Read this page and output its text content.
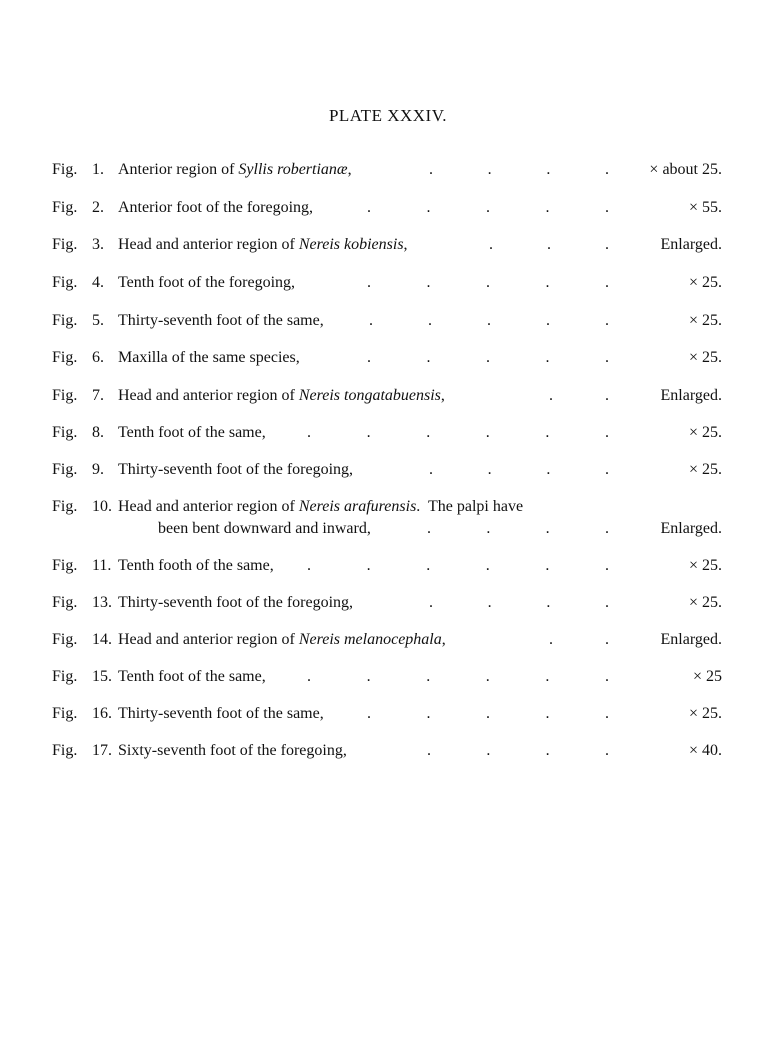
PLATE XXXIV.
Fig. 1. Anterior region of Syllis robertianæ,	.	.	.	.	× about 25.
Fig. 2. Anterior foot of the foregoing,	.	.	.	.	.	× 55.
Fig. 3. Head and anterior region of Nereis kobiensis,	.	.	.	Enlarged.
Fig. 4. Tenth foot of the foregoing,	.	.	.	.	.	× 25.
Fig. 5. Thirty-seventh foot of the same,	.	.	.	.	.	× 25.
Fig. 6. Maxilla of the same species,	.	.	.	.	.	× 25.
Fig. 7. Head and anterior region of Nereis tongatabuensis,	.	.	Enlarged.
Fig. 8. Tenth foot of the same,	.	.	.	.	.	.	× 25.
Fig. 9. Thirty-seventh foot of the foregoing,	.	.	.	.	× 25.
Fig. 10. Head and anterior region of Nereis arafurensis.  The palpi have
been bent downward and inward,	.	.	.	.	Enlarged.
Fig. 11. Tenth footh of the same, .	.	.	.	.	.	× 25.
Fig. 13. Thirty-seventh foot of the foregoing,	.	.	.	.	× 25.
Fig. 14. Head and anterior region of Nereis melanocephala,	.	.	Enlarged.
Fig. 15. Tenth foot of the same,	.	.	.	.	.	.	× 25
Fig. 16. Thirty-seventh foot of the same,	.	.	.	.	.	× 25.
Fig. 17. Sixty-seventh foot of the foregoing,	.	.	.	.	× 40.
